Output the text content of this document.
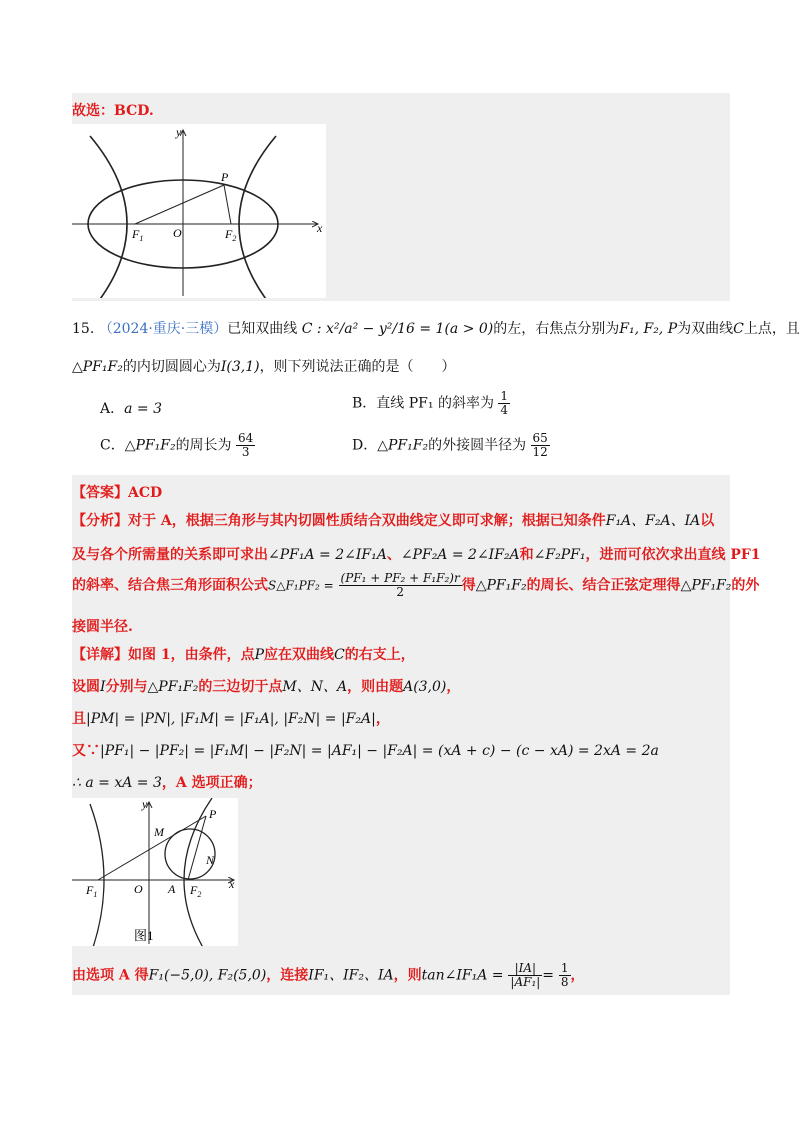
故选：BCD.
y
x
P
$F_1$ O	$F_2$
15. （2024·重庆·三模）已知双曲线 C : x²/a² − y²/16 = 1(a > 0)的左，右焦点分别为F₁, F₂, P为双曲线C上点，且
△PF₁F₂的内切圆圆心为I(3,1)，则下列说法正确的是（　　）
A．a = 3	B．直线 PF₁ 的斜率为 $\frac{1}{4}$
C．△PF₁F₂的周长为 $\frac{64}{3}$	D．△PF₁F₂的外接圆半径为 $\frac{65}{12}$
【答案】ACD
【分析】对于 A，根据三角形与其内切圆性质结合双曲线定义即可求解；根据已知条件F₁A、F₂A、IA以
及与各个所需量的关系即可求出∠PF₁A = 2∠IF₁A、∠PF₂A = 2∠IF₂A和∠F₂PF₁，进而可依次求出直线 PF1
的斜率、结合焦三角形面积公式S△F₁PF₂ = $\frac{\text{(PF₁ + PF₂ + F₁F₂)r}}{2}$ 得△PF₁F₂的周长、结合正弦定理得△PF₁F₂的外
接圆半径.
【详解】如图 1，由条件，点P应在双曲线C的右支上，
设圆I分别与△PF₁F₂的三边切于点M、N、A，则由题A(3,0)，
且|PM| = |PN|, |F₁M| = |F₁A|, |F₂N| = |F₂A|，
又∵|PF₁| − |PF₂| = |F₁M| − |F₂N| = |AF₁| − |F₂A| = (xA + c) − (c − xA) = 2xA = 2a
∴ a = xA = 3，A 选项正确；
y
x
P
M
N
$F_1$	O A $F_2$
图1
由选项 A 得F₁(−5,0), F₂(5,0)，连接IF₁、IF₂、IA，则tan∠IF₁A = $\frac{|IA|}{\text{|AF₁|}} = \frac{1}{8}$ ，
